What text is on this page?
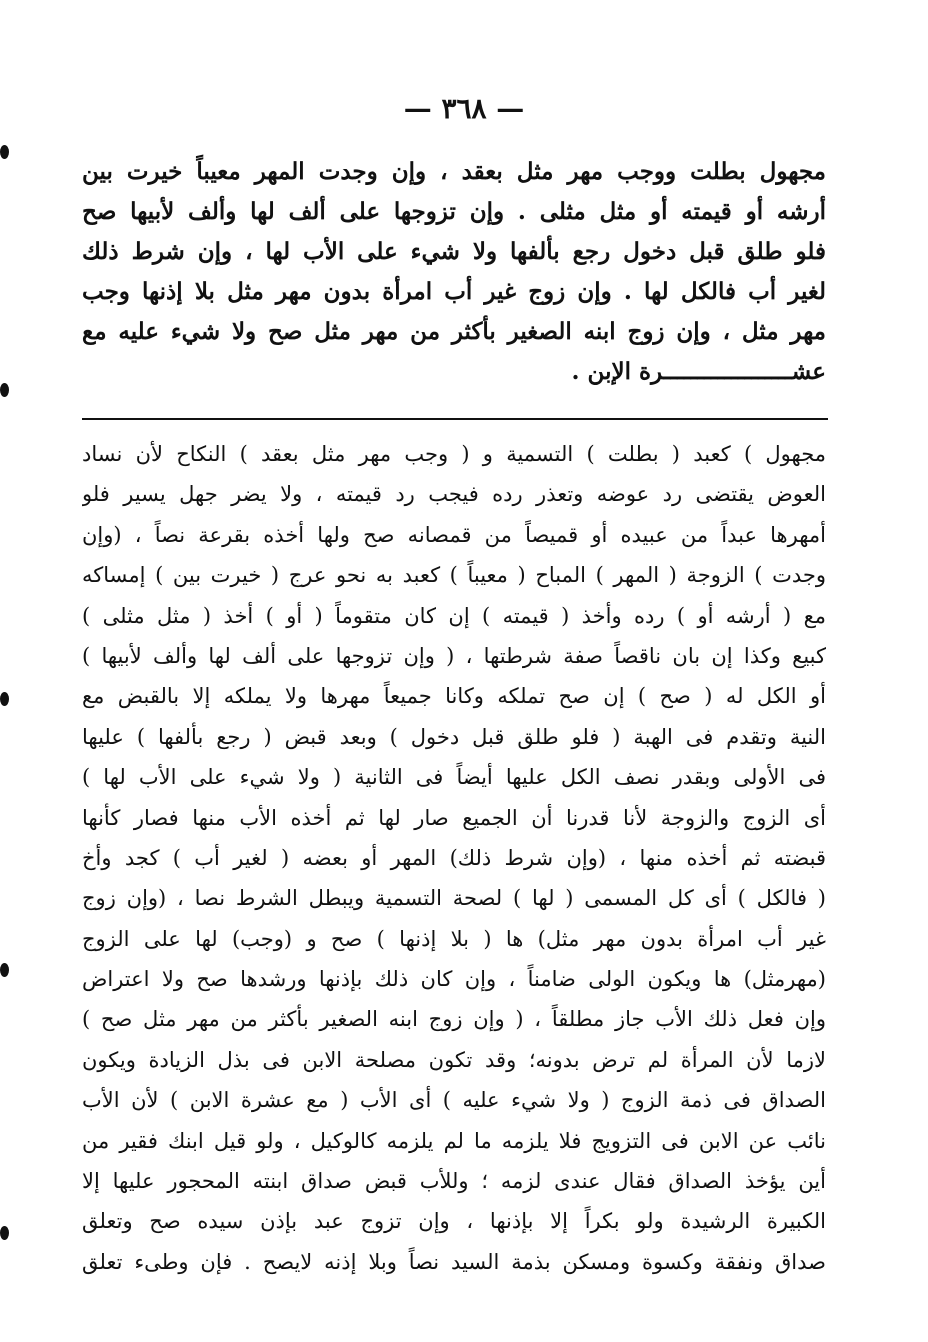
— ٣٦٨ —
مجهول بطلت ووجب مهر مثل بعقد ، وإن وجدت المهر معيباً خيرت بين
أرشه أو قيمته أو مثل مثلى . وإن تزوجها على ألف لها وألف لأبيها صح
فلو طلق قبل دخول رجع بألفها ولا شيء على الأب لها ، وإن شرط ذلك
لغير أب فالكل لها . وإن زوج غير أب امرأة بدون مهر مثل بلا إذنها وجب
مهر مثل ، وإن زوج ابنه الصغير بأكثر من مهر مثل صح ولا شيء عليه مع
عشـــــــــــــــــــرة الإبن .
مجهول ) كعبد ( بطلت ) التسمية و ( وجب مهر مثل بعقد ) النكاح لأن نساد
العوض يقتضى رد عوضه وتعذر رده فيجب رد قيمته ، ولا يضر جهل يسير فلو
أمهرها عبداً من عبيده أو قميصاً من قمصانه صح ولها أخذه بقرعة نصاً ، (وإن
وجدت ) الزوجة ( المهر ) المباح ( معيباً ) كعبد به نحو عرج ( خيرت بين ) إمساكه
مع ( أرشه أو ) رده وأخذ ( قيمته ) إن كان متقوماً ( أو ) أخذ ( مثل مثلى )
كبيع وكذا إن بان ناقصاً صفة شرطتها ، ( وإن تزوجها على ألف لها وألف لأبيها )
أو الكل له ( صح ) إن صح تملكه وكانا جميعاً مهرها ولا يملكه إلا بالقبض مع
النية وتقدم فى الهبة ( فلو طلق قبل دخول ) وبعد قبض ( رجع بألفها ) عليها
فى الأولى وبقدر نصف الكل عليها أيضاً فى الثانية ( ولا شيء على الأب لها )
أى الزوج والزوجة لأنا قدرنا أن الجميع صار لها ثم أخذه الأب منها فصار كأنها
قبضته ثم أخذه منها ، (وإن شرط ذلك) المهر أو بعضه ( لغير أب ) كجد وأخ
( فالكل ) أى كل المسمى ( لها ) لصحة التسمية ويبطل الشرط نصا ، (وإن زوج
غير أب امرأة بدون مهر مثل) ها ( بلا إذنها ) صح و (وجب) لها على الزوج
(مهرمثل) ها ويكون الولى ضامناً ، وإن كان ذلك بإذنها ورشدها صح ولا اعتراض
وإن فعل ذلك الأب جاز مطلقاً ، ( وإن زوج ابنه الصغير بأكثر من مهر مثل صح )
لازما لأن المرأة لم ترض بدونه؛ وقد تكون مصلحة الابن فى بذل الزيادة ويكون
الصداق فى ذمة الزوج ( ولا شيء عليه ) أى الأب ( مع عشرة الابن ) لأن الأب
نائب عن الابن فى التزويج فلا يلزمه ما لم يلزمه كالوكيل ، ولو قيل ابنك فقير من
أين يؤخذ الصداق فقال عندى لزمه ؛ وللأب قبض صداق ابنته المحجور عليها إلا
الكبيرة الرشيدة ولو بكراً إلا بإذنها ، وإن تزوج عبد بإذن سيده صح وتعلق
صداق ونفقة وكسوة ومسكن بذمة السيد نصاً وبلا إذنه لايصح . فإن وطىء تعلق
